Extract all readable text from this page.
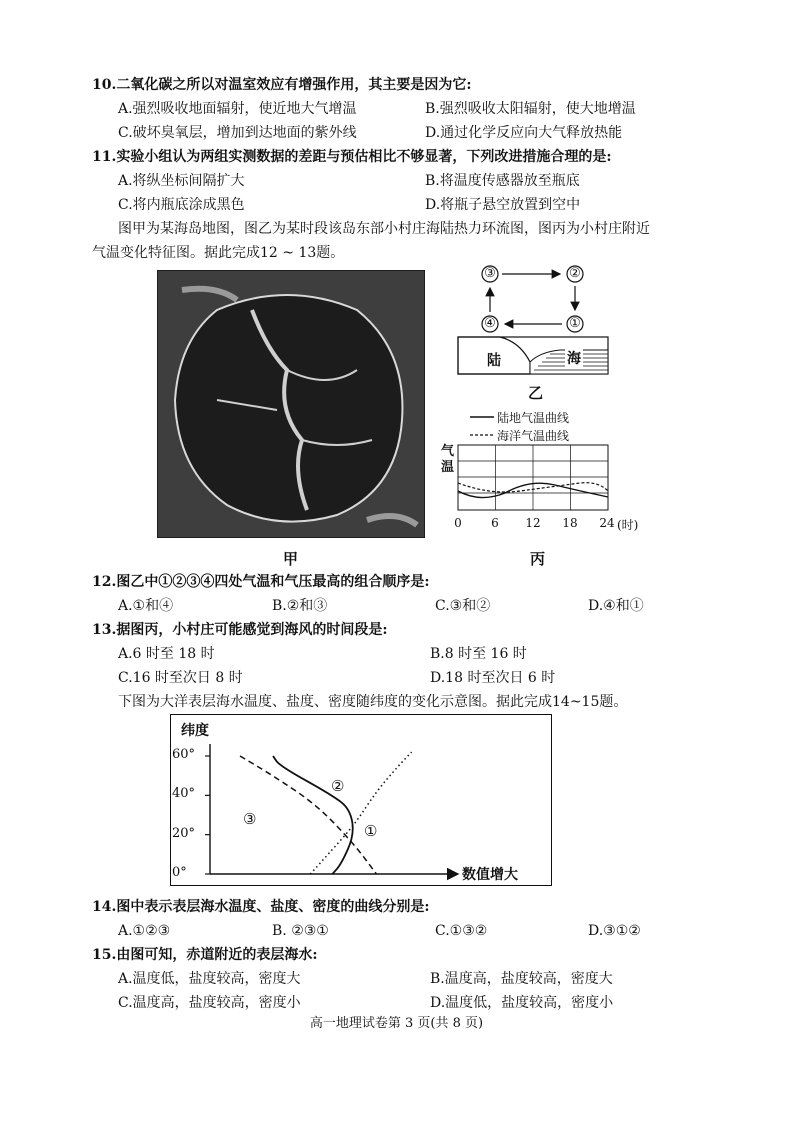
10.二氧化碳之所以对温室效应有增强作用，其主要是因为它:
A.强烈吸收地面辐射，使近地大气增温	B.强烈吸收太阳辐射，使大地增温
C.破坏臭氧层，增加到达地面的紫外线	D.通过化学反应向大气释放热能
11.实验小组认为两组实测数据的差距与预估相比不够显著，下列改进措施合理的是:
A.将纵坐标间隔扩大	B.将温度传感器放至瓶底
C.将内瓶底涂成黑色	D.将瓶子悬空放置到空中
图甲为某海岛地图，图乙为某时段该岛东部小村庄海陆热力环流图，图丙为小村庄附近
气温变化特征图。据此完成12 ~ 13题。
甲
③	②
④	①
陆	海
乙
陆地气温曲线
海洋气温曲线
气
温
0 6 12 18 24 (时)
丙
12.图乙中①②③④四处气温和气压最高的组合顺序是:
A.①和④	B.②和③	C.③和②	D.④和①
13.据图丙，小村庄可能感觉到海风的时间段是:
A.6 时至 18 时	B.8 时至 16 时
C.16 时至次日 8 时	D.18 时至次日 6 时
下图为大洋表层海水温度、盐度、密度随纬度的变化示意图。据此完成14~15题。
纬度
数值增大
60°
40°
20°
0°
①
②
③
14.图中表示表层海水温度、盐度、密度的曲线分别是:
A.①②③	B. ②③①	C.①③②	D.③①②
15.由图可知，赤道附近的表层海水:
A.温度低，盐度较高，密度大	B.温度高，盐度较高，密度大
C.温度高，盐度较高，密度小	D.温度低，盐度较高，密度小
高一地理试卷第 3 页(共 8 页)
